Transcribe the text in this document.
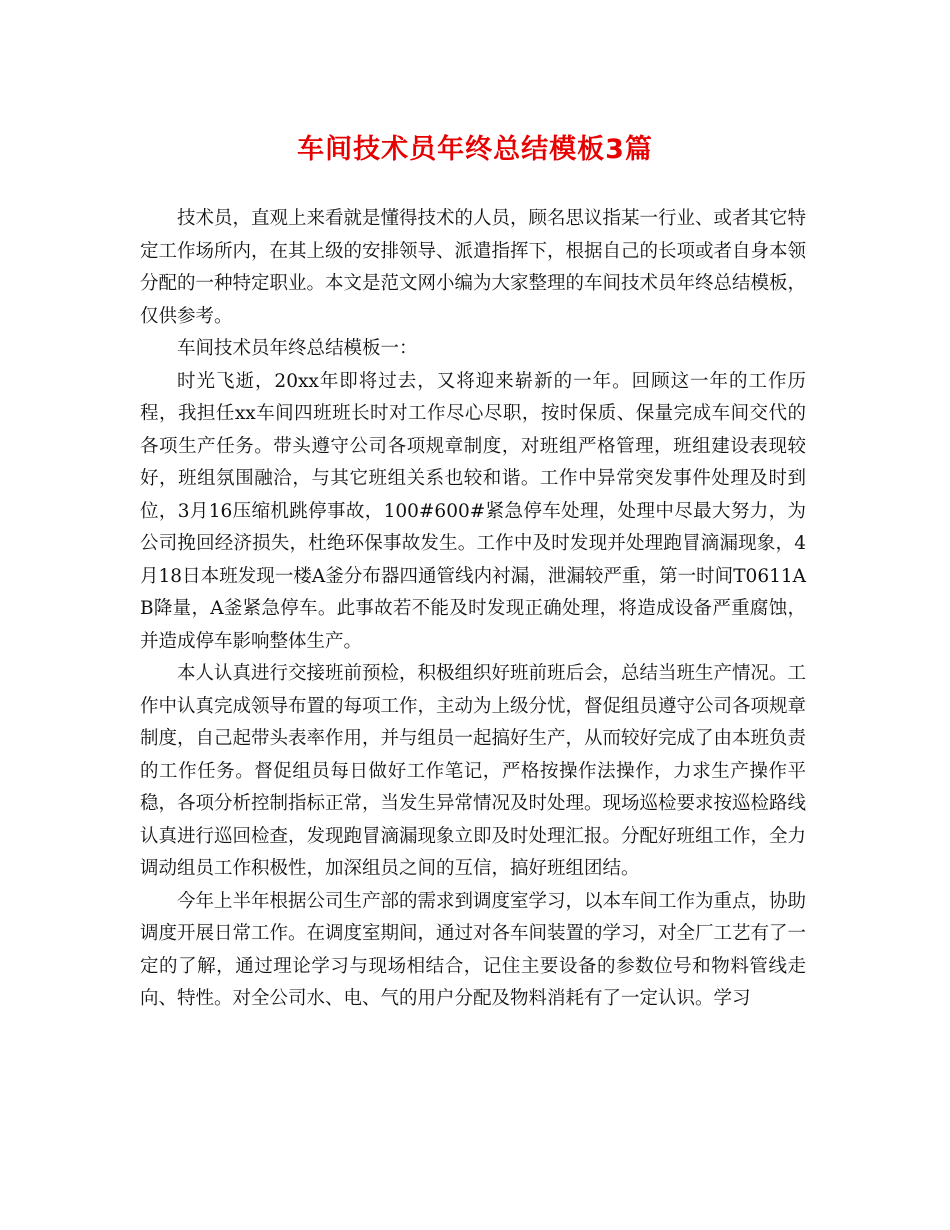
车间技术员年终总结模板3篇

技术员，直观上来看就是懂得技术的人员，顾名思议指某一行业、或者其它特定工作场所内，在其上级的安排领导、派遣指挥下，根据自己的长项或者自身本领分配的一种特定职业。本文是范文网小编为大家整理的车间技术员年终总结模板，仅供参考。

车间技术员年终总结模板一：

时光飞逝，20xx年即将过去，又将迎来崭新的一年。回顾这一年的工作历程，我担任xx车间四班班长时对工作尽心尽职，按时保质、保量完成车间交代的各项生产任务。带头遵守公司各项规章制度，对班组严格管理，班组建设表现较好，班组氛围融洽，与其它班组关系也较和谐。工作中异常突发事件处理及时到位，3月16压缩机跳停事故，100#600#紧急停车处理，处理中尽最大努力，为公司挽回经济损失，杜绝环保事故发生。工作中及时发现并处理跑冒滴漏现象，4月18日本班发现一楼A釜分布器四通管线内衬漏，泄漏较严重，第一时间T0611AB降量，A釜紧急停车。此事故若不能及时发现正确处理，将造成设备严重腐蚀，并造成停车影响整体生产。

本人认真进行交接班前预检，积极组织好班前班后会，总结当班生产情况。工作中认真完成领导布置的每项工作，主动为上级分忧，督促组员遵守公司各项规章制度，自己起带头表率作用，并与组员一起搞好生产，从而较好完成了由本班负责的工作任务。督促组员每日做好工作笔记，严格按操作法操作，力求生产操作平稳，各项分析控制指标正常，当发生异常情况及时处理。现场巡检要求按巡检路线认真进行巡回检查，发现跑冒滴漏现象立即及时处理汇报。分配好班组工作，全力调动组员工作积极性，加深组员之间的互信，搞好班组团结。

今年上半年根据公司生产部的需求到调度室学习，以本车间工作为重点，协助调度开展日常工作。在调度室期间，通过对各车间装置的学习，对全厂工艺有了一定的了解，通过理论学习与现场相结合，记住主要设备的参数位号和物料管线走向、特性。对全公司水、电、气的用户分配及物料消耗有了一定认识。学习
